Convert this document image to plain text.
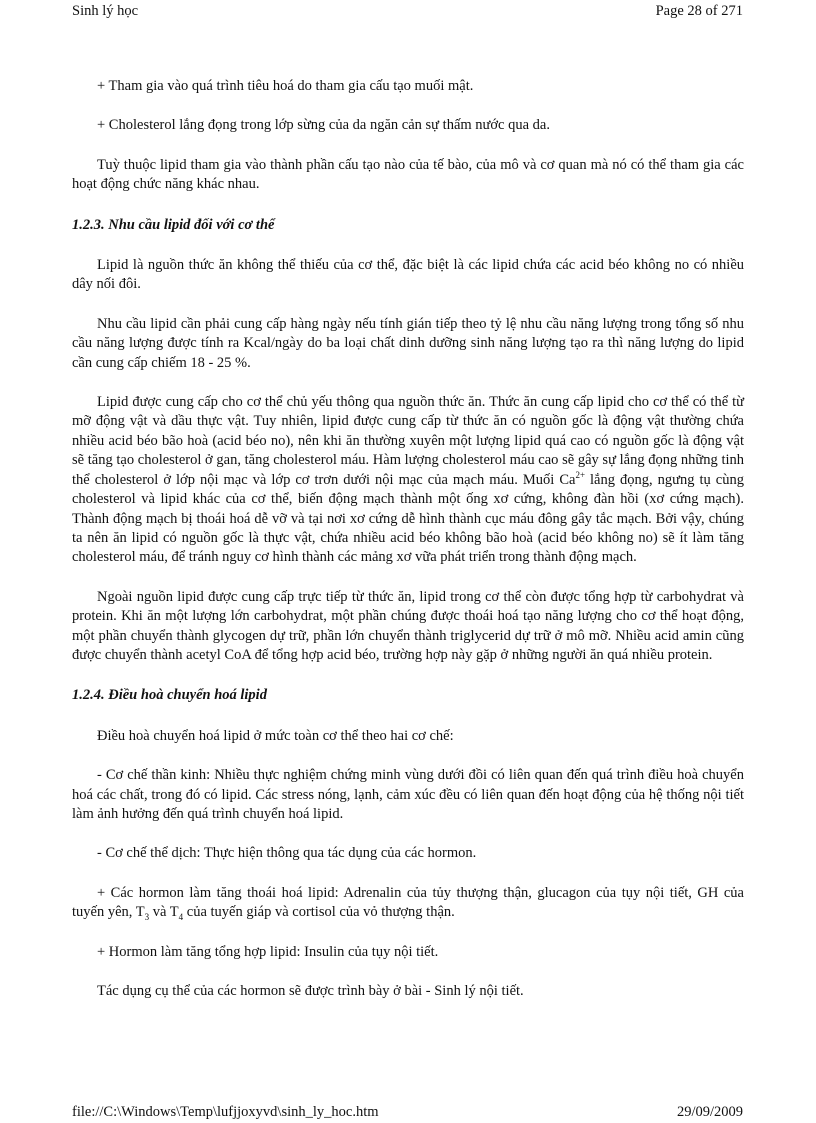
Sinh lý học	Page 28 of 271

+ Tham gia vào quá trình tiêu hoá do tham gia cấu tạo muối mật.

+ Cholesterol lắng đọng trong lớp sừng của da ngăn cản sự thấm nước qua da.

Tuỳ thuộc lipid tham gia vào thành phần cấu tạo nào của tế bào, của mô và cơ quan mà nó có thể tham gia các hoạt động chức năng khác nhau.

1.2.3. Nhu cầu lipid đối với cơ thể

Lipid là nguồn thức ăn không thể thiếu của cơ thể, đặc biệt là các lipid chứa các acid béo không no có nhiều dây nối đôi.

Nhu cầu lipid cần phải cung cấp hàng ngày nếu tính gián tiếp theo tỷ lệ nhu cầu năng lượng trong tổng số nhu cầu năng lượng được tính ra Kcal/ngày do ba loại chất dinh dưỡng sinh năng lượng tạo ra thì năng lượng do lipid cần cung cấp chiếm 18 - 25 %.

Lipid được cung cấp cho cơ thể chủ yếu thông qua nguồn thức ăn. Thức ăn cung cấp lipid cho cơ thể có thể từ mỡ động vật và dầu thực vật. Tuy nhiên, lipid được cung cấp từ thức ăn có nguồn gốc là động vật thường chứa nhiều acid béo bão hoà (acid béo no), nên khi ăn thường xuyên một lượng lipid quá cao có nguồn gốc là động vật sẽ tăng tạo cholesterol ở gan, tăng cholesterol máu. Hàm lượng cholesterol máu cao sẽ gây sự lắng đọng những tinh thể cholesterol ở lớp nội mạc và lớp cơ trơn dưới nội mạc của mạch máu. Muối $Ca^{2+}$ lắng đọng, ngưng tụ cùng cholesterol và lipid khác của cơ thể, biến động mạch thành một ống xơ cứng, không đàn hồi (xơ cứng mạch). Thành động mạch bị thoái hoá dễ vỡ và tại nơi xơ cứng dễ hình thành cục máu đông gây tắc mạch. Bởi vậy, chúng ta nên ăn lipid có nguồn gốc là thực vật, chứa nhiều acid béo không bão hoà (acid béo không no) sẽ ít làm tăng cholesterol máu, để tránh nguy cơ hình thành các mảng xơ vữa phát triển trong thành động mạch.

Ngoài nguồn lipid được cung cấp trực tiếp từ thức ăn, lipid trong cơ thể còn được tổng hợp từ carbohydrat và protein. Khi ăn một lượng lớn carbohydrat, một phần chúng được thoái hoá tạo năng lượng cho cơ thể hoạt động, một phần chuyển thành glycogen dự trữ, phần lớn chuyển thành triglycerid dự trữ ở mô mỡ. Nhiều acid amin cũng được chuyển thành acetyl CoA để tổng hợp acid béo, trường hợp này gặp ở những người ăn quá nhiều protein.

1.2.4. Điều hoà chuyển hoá lipid

Điều hoà chuyển hoá lipid ở mức toàn cơ thể theo hai cơ chế:

- Cơ chế thần kinh: Nhiều thực nghiệm chứng minh vùng dưới đồi có liên quan đến quá trình điều hoà chuyển hoá các chất, trong đó có lipid. Các stress nóng, lạnh, cảm xúc đều có liên quan đến hoạt động của hệ thống nội tiết làm ảnh hưởng đến quá trình chuyển hoá lipid.

- Cơ chế thể dịch: Thực hiện thông qua tác dụng của các hormon.

+ Các hormon làm tăng thoái hoá lipid: Adrenalin của tủy thượng thận, glucagon của tụy nội tiết, GH của tuyến yên, $T_3$ và $T_4$ của tuyến giáp và cortisol của vỏ thượng thận.

+ Hormon làm tăng tổng hợp lipid: Insulin của tụy nội tiết.

Tác dụng cụ thể của các hormon sẽ được trình bày ở bài - Sinh lý nội tiết.

file://C:\Windows\Temp\lufjjoxyvd\sinh_ly_hoc.htm	29/09/2009
